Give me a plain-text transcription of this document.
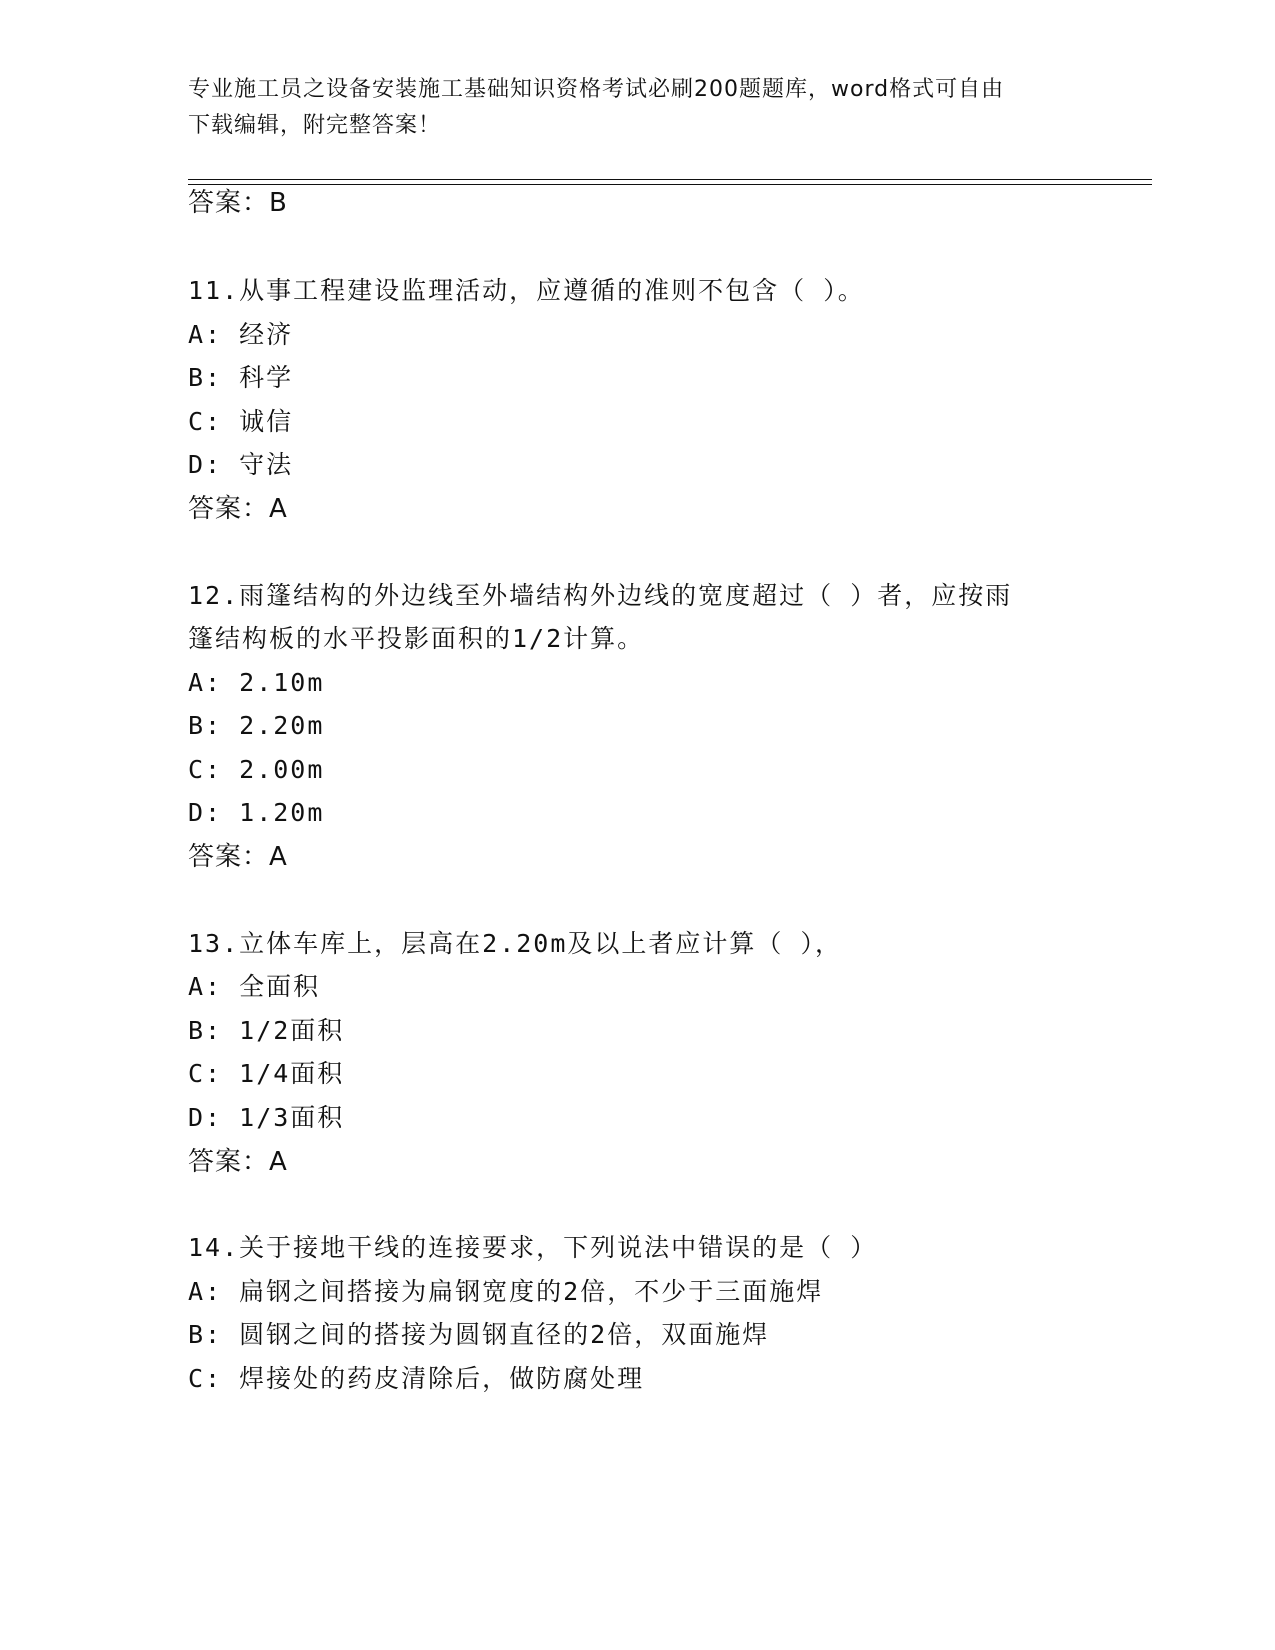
专业施工员之设备安装施工基础知识资格考试必刷200题题库，word格式可自由
下载编辑，附完整答案！
答案：B
11.从事工程建设监理活动，应遵循的准则不包含（ ）。
A: 经济
B: 科学
C: 诚信
D: 守法
答案：A
12.雨篷结构的外边线至外墙结构外边线的宽度超过（ ）者，应按雨
篷结构板的水平投影面积的1/2计算。
A: 2.10m
B: 2.20m
C: 2.00m
D: 1.20m
答案：A
13.立体车库上，层高在2.20m及以上者应计算（ ），
A: 全面积
B: 1/2面积
C: 1/4面积
D: 1/3面积
答案：A
14.关于接地干线的连接要求，下列说法中错误的是（ ）
A: 扁钢之间搭接为扁钢宽度的2倍，不少于三面施焊
B: 圆钢之间的搭接为圆钢直径的2倍，双面施焊
C: 焊接处的药皮清除后，做防腐处理
